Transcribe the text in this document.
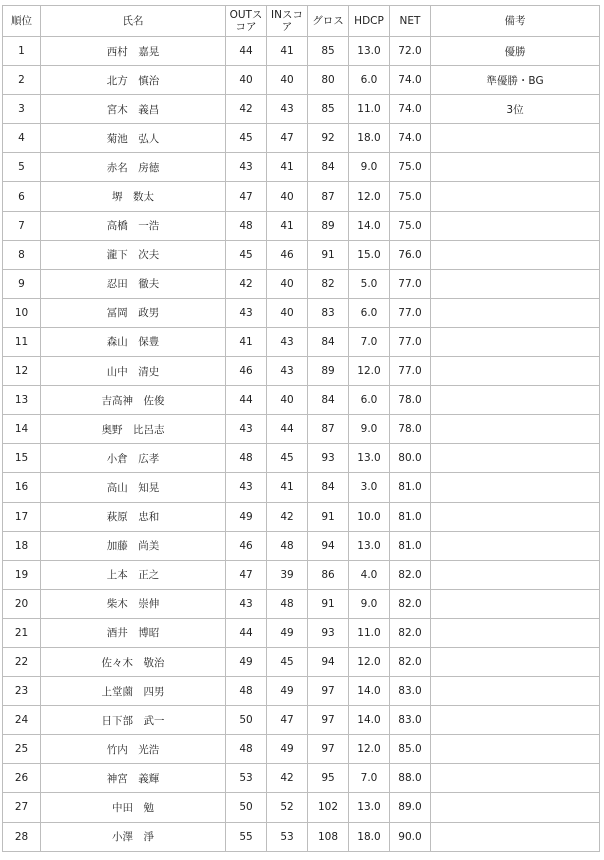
順位	氏名	OUTスコア	INスコア	グロス	HDCP	NET	備考
1	西村　嘉晃	44	41	85	13.0	72.0	優勝
2	北方　慎治	40	40	80	6.0	74.0	準優勝・BG
3	宮木　義昌	42	43	85	11.0	74.0	3位
4	菊池　弘人	45	47	92	18.0	74.0	
5	赤名　房徳	43	41	84	9.0	75.0	
6	堺　数太	47	40	87	12.0	75.0	
7	高橋　一浩	48	41	89	14.0	75.0	
8	瀧下　次夫	45	46	91	15.0	76.0	
9	忍田　徹夫	42	40	82	5.0	77.0	
10	冨岡　政男	43	40	83	6.0	77.0	
11	森山　保豊	41	43	84	7.0	77.0	
12	山中　清史	46	43	89	12.0	77.0	
13	吉高神　佐俊	44	40	84	6.0	78.0	
14	奥野　比呂志	43	44	87	9.0	78.0	
15	小倉　広孝	48	45	93	13.0	80.0	
16	高山　知晃	43	41	84	3.0	81.0	
17	萩原　忠和	49	42	91	10.0	81.0	
18	加藤　尚美	46	48	94	13.0	81.0	
19	上本　正之	47	39	86	4.0	82.0	
20	柴木　崇伸	43	48	91	9.0	82.0	
21	酒井　博昭	44	49	93	11.0	82.0	
22	佐々木　敬治	49	45	94	12.0	82.0	
23	上堂薗　四男	48	49	97	14.0	83.0	
24	日下部　武一	50	47	97	14.0	83.0	
25	竹内　光浩	48	49	97	12.0	85.0	
26	神宮　義輝	53	42	95	7.0	88.0	
27	中田　勉	50	52	102	13.0	89.0	
28	小澤　淨	55	53	108	18.0	90.0	
